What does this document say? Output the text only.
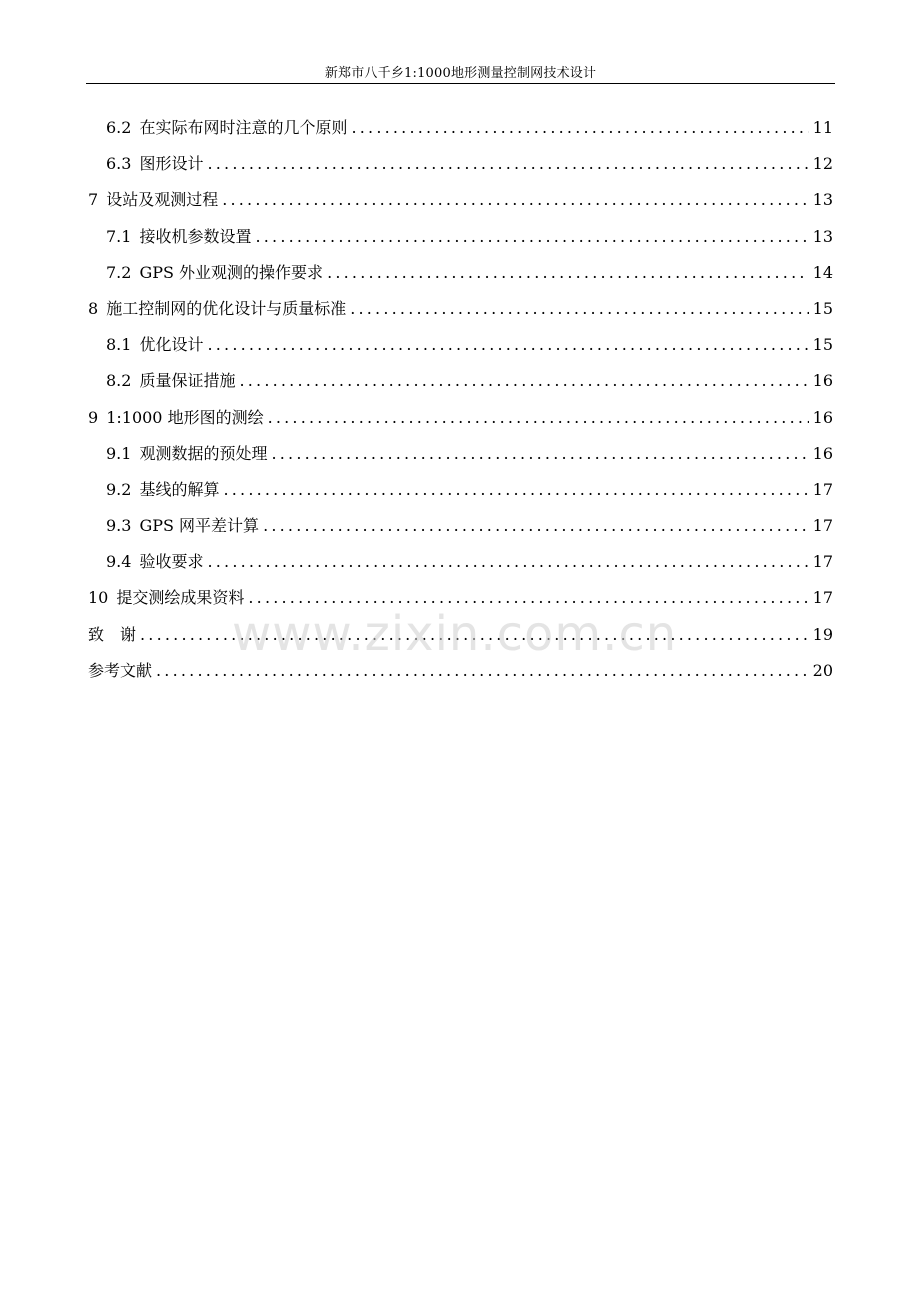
新郑市八千乡1:1000地形测量控制网技术设计
6.2 在实际布网时注意的几个原则 .....	11
6.3 图形设计 .....	12
7 设站及观测过程 .....	13
7.1 接收机参数设置 .....	13
7.2 GPS 外业观测的操作要求 .....	14
8 施工控制网的优化设计与质量标准 .....	15
8.1 优化设计 .....	15
8.2 质量保证措施 .....	16
9 1:1000 地形图的测绘 .....	16
9.1 观测数据的预处理 .....	16
9.2 基线的解算 .....	17
9.3 GPS 网平差计算 .....	17
9.4 验收要求 .....	17
10 提交测绘成果资料 .....	17
致　谢 .....	19
参考文献 .....	20
www.zixin.com.cn
